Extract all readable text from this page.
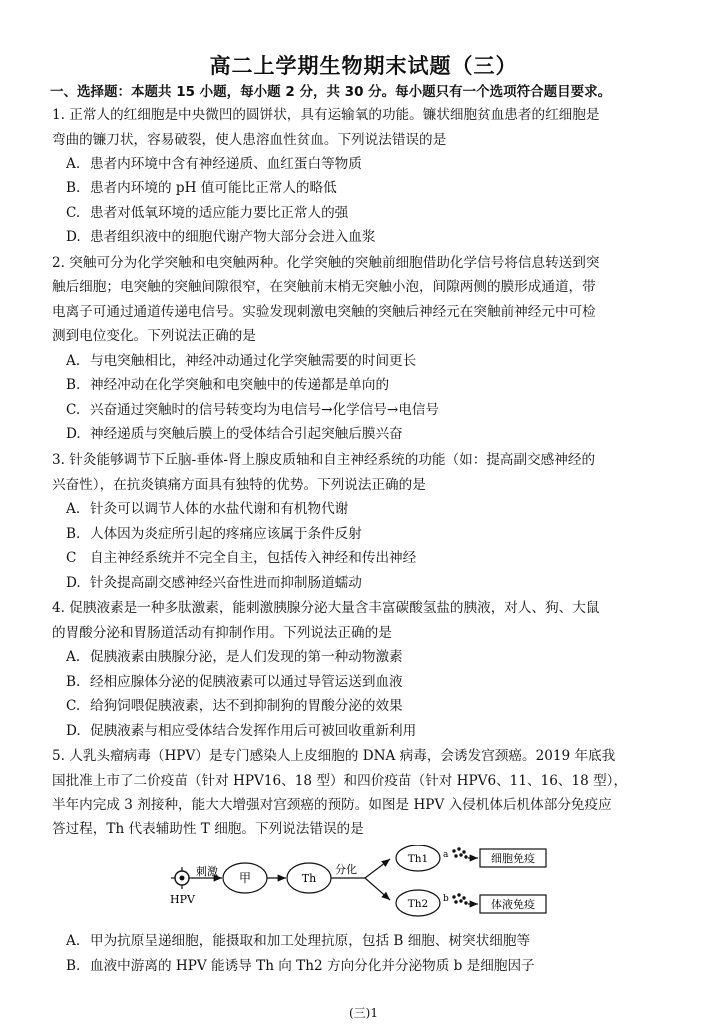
高二上学期生物期末试题（三）
一、选择题：本题共 15 小题，每小题 2 分，共 30 分。每小题只有一个选项符合题目要求。
1. 正常人的红细胞是中央微凹的圆饼状，具有运输氧的功能。镰状细胞贫血患者的红细胞是
弯曲的镰刀状，容易破裂，使人患溶血性贫血。下列说法错误的是
A. 患者内环境中含有神经递质、血红蛋白等物质
B. 患者内环境的 pH 值可能比正常人的略低
C. 患者对低氧环境的适应能力要比正常人的强
D. 患者组织液中的细胞代谢产物大部分会进入血浆
2. 突触可分为化学突触和电突触两种。化学突触的突触前细胞借助化学信号将信息转送到突
触后细胞；电突触的突触间隙很窄，在突触前末梢无突触小泡，间隙两侧的膜形成通道，带
电离子可通过通道传递电信号。实验发现刺激电突触的突触后神经元在突触前神经元中可检
测到电位变化。下列说法正确的是
A. 与电突触相比，神经冲动通过化学突触需要的时间更长
B. 神经冲动在化学突触和电突触中的传递都是单向的
C. 兴奋通过突触时的信号转变均为电信号→化学信号→电信号
D. 神经递质与突触后膜上的受体结合引起突触后膜兴奋
3. 针灸能够调节下丘脑-垂体-肾上腺皮质轴和自主神经系统的功能（如：提高副交感神经的
兴奋性），在抗炎镇痛方面具有独特的优势。下列说法正确的是
A. 针灸可以调节人体的水盐代谢和有机物代谢
B. 人体因为炎症所引起的疼痛应该属于条件反射
C 自主神经系统并不完全自主，包括传入神经和传出神经
D. 针灸提高副交感神经兴奋性进而抑制肠道蠕动
4. 促胰液素是一种多肽激素，能刺激胰腺分泌大量含丰富碳酸氢盐的胰液，对人、狗、大鼠
的胃酸分泌和胃肠道活动有抑制作用。下列说法正确的是
A. 促胰液素由胰腺分泌，是人们发现的第一种动物激素
B. 经相应腺体分泌的促胰液素可以通过导管运送到血液
C. 给狗饲喂促胰液素，达不到抑制狗的胃酸分泌的效果
D. 促胰液素与相应受体结合发挥作用后可被回收重新利用
5. 人乳头瘤病毒（HPV）是专门感染人上皮细胞的 DNA 病毒，会诱发宫颈癌。2019 年底我
国批准上市了二价疫苗（针对 HPV16、18 型）和四价疫苗（针对 HPV6、11、16、18 型），
半年内完成 3 剂接种，能大大增强对宫颈癌的预防。如图是 HPV 入侵机体后机体部分免疫应
答过程，Th 代表辅助性 T 细胞。下列说法错误的是
HPV
刺激 甲	Th
分化
Th1
Th2
a	细胞免疫
b	体液免疫
A. 甲为抗原呈递细胞，能摄取和加工处理抗原，包括 B 细胞、树突状细胞等
B. 血液中游离的 HPV 能诱导 Th 向 Th2 方向分化并分泌物质 b 是细胞因子
(三)1
